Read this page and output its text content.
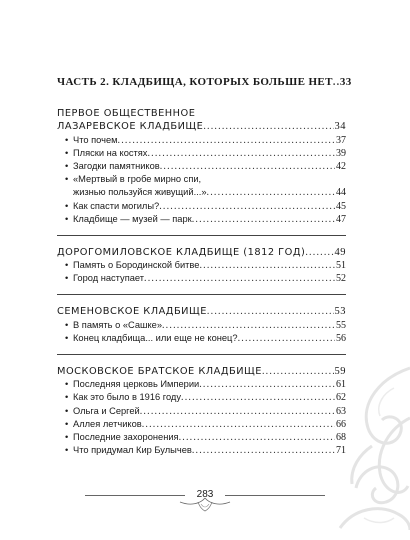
ЧАСТЬ 2. КЛАДБИЩА, КОТОРЫХ БОЛЬШЕ НЕТ ..... 33
ПЕРВОЕ ОБЩЕСТВЕННОЕ
ЛАЗАРЕВСКОЕ КЛАДБИЩЕ .....	34
• Что почем .....	37
• Пляски на костях .....	39
• Загодки памятников .....	42
• «Мертвый в гробе мирно спи,
жизнью пользуйся живущий...» .....	44
• Как спасти могилы? .....	45
• Кладбище — музей — парк .....	47
ДОРОГОМИЛОВСКОЕ КЛАДБИЩЕ (1812 ГОД) .....	49
• Память о Бородинской битве .....	51
• Город наступает .....	52
СЕМЕНОВСКОЕ КЛАДБИЩЕ .....	53
• В память о «Сашке» .....	55
• Конец кладбища... или еще не конец? .....	56
МОСКОВСКОЕ БРАТСКОЕ КЛАДБИЩЕ .....	59
• Последняя церковь Империи .....	61
• Как это было в 1916 году .....	62
• Ольга и Сергей .....	63
• Аллея летчиков .....	66
• Последние захоронения .....	68
• Что придумал Кир Булычев .....	71
283
